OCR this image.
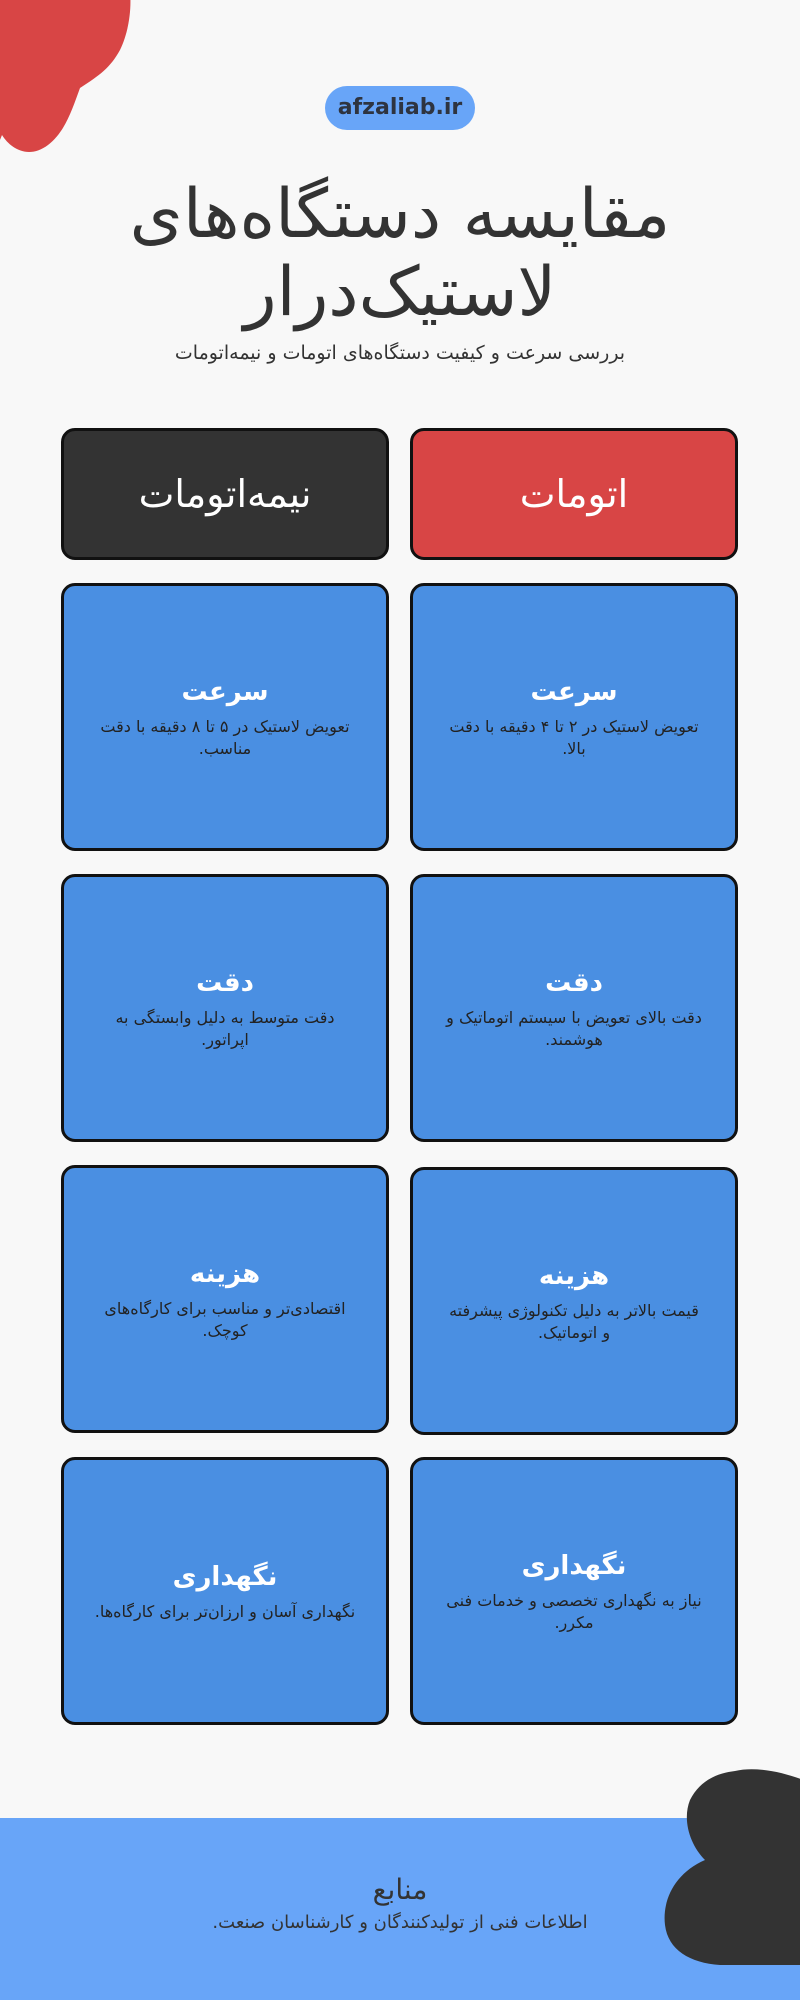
afzaliab.ir
مقایسه دستگاه‌های لاستیک‌درار
بررسی سرعت و کیفیت دستگاه‌های اتومات و نیمه‌اتومات
اتومات
نیمه‌اتومات
سرعت
تعویض لاستیک در ۲ تا ۴ دقیقه با دقت بالا.
دقت
دقت بالای تعویض با سیستم اتوماتیک و هوشمند.
هزینه
قیمت بالاتر به دلیل تکنولوژی پیشرفته و اتوماتیک.
نگهداری
نیاز به نگهداری تخصصی و خدمات فنی مکرر.
سرعت
تعویض لاستیک در ۵ تا ۸ دقیقه با دقت مناسب.
دقت
دقت متوسط به دلیل وابستگی به اپراتور.
هزینه
اقتصادی‌تر و مناسب برای کارگاه‌های کوچک.
نگهداری
نگهداری آسان و ارزان‌تر برای کارگاه‌ها.
منابع
اطلاعات فنی از تولیدکنندگان و کارشناسان صنعت.
